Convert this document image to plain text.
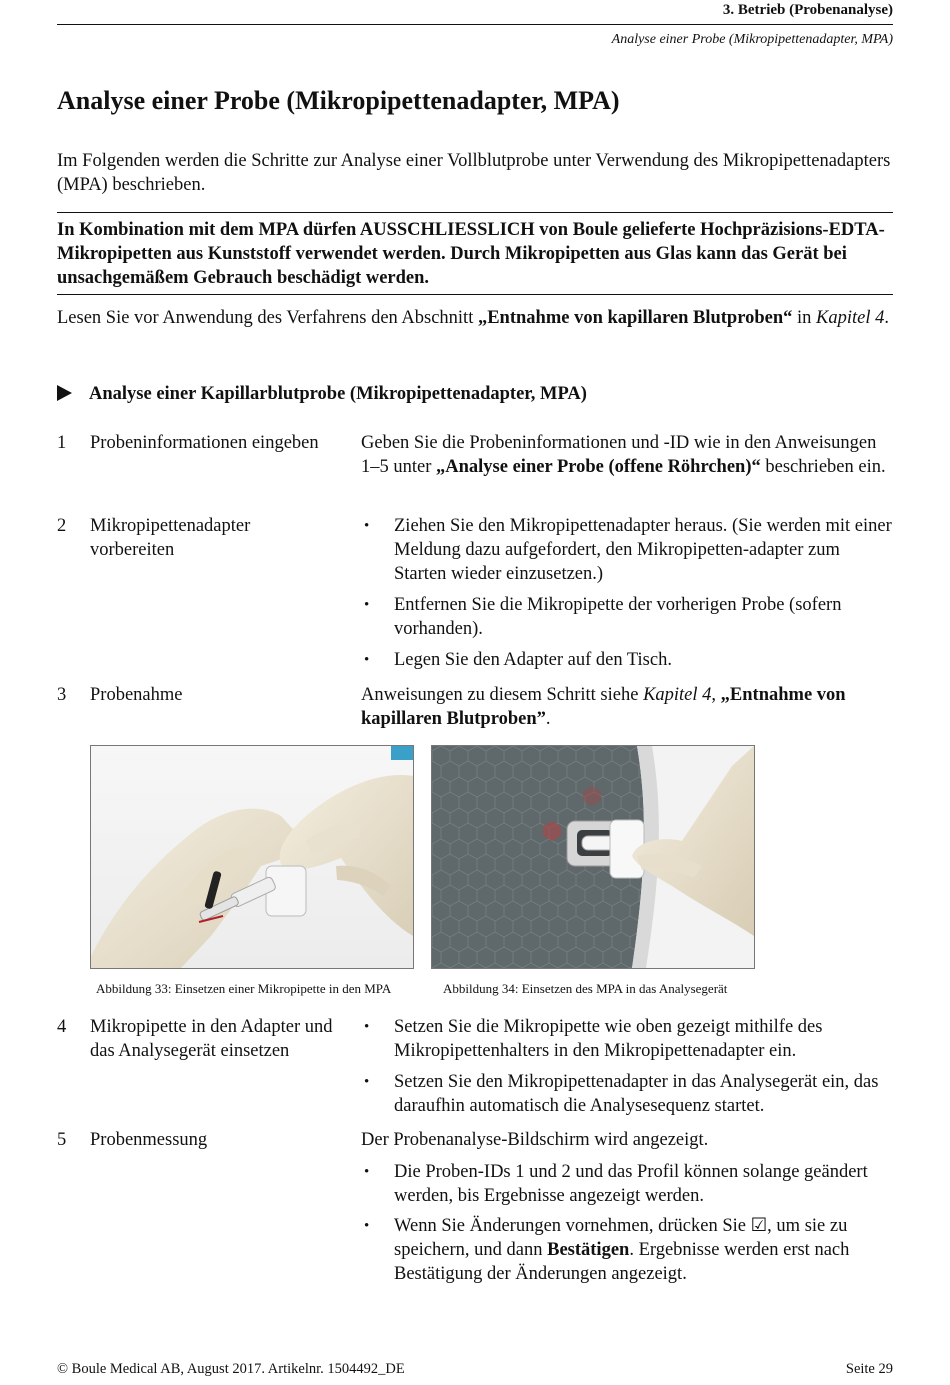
3. Betrieb (Probenanalyse)
Analyse einer Probe (Mikropipettenadapter, MPA)
Analyse einer Probe (Mikropipettenadapter, MPA)
Im Folgenden werden die Schritte zur Analyse einer Vollblutprobe unter Verwendung des Mikropipettenadapters (MPA) beschrieben.
In Kombination mit dem MPA dürfen AUSSCHLIESSLICH von Boule gelieferte Hochpräzisions-EDTA-Mikropipetten aus Kunststoff verwendet werden. Durch Mikropipetten aus Glas kann das Gerät bei unsachgemäßem Gebrauch beschädigt werden.
Lesen Sie vor Anwendung des Verfahrens den Abschnitt „Entnahme von kapillaren Blutproben“ in Kapitel 4.
Analyse einer Kapillarblutprobe (Mikropipettenadapter, MPA)
1 Probeninformationen eingeben	Geben Sie die Probeninformationen und -ID wie in den Anweisungen 1–5 unter „Analyse einer Probe (offene Röhrchen)“ beschrieben ein.
2 Mikropipettenadapter vorbereiten
• Ziehen Sie den Mikropipettenadapter heraus. (Sie werden mit einer Meldung dazu aufgefordert, den Mikropipetten-adapter zum Starten wieder einzusetzen.)
• Entfernen Sie die Mikropipette der vorherigen Probe (sofern vorhanden).
• Legen Sie den Adapter auf den Tisch.
3 Probenahme	Anweisungen zu diesem Schritt siehe Kapitel 4, „Entnahme von kapillaren Blutproben”.
Abbildung 33: Einsetzen einer Mikropipette in den MPA	Abbildung 34: Einsetzen des MPA in das Analysegerät
4 Mikropipette in den Adapter und das Analysegerät einsetzen
• Setzen Sie die Mikropipette wie oben gezeigt mithilfe des Mikropipettenhalters in den Mikropipettenadapter ein.
• Setzen Sie den Mikropipettenadapter in das Analysegerät ein, das daraufhin automatisch die Analysesequenz startet.
5 Probenmessung	Der Probenanalyse-Bildschirm wird angezeigt.
• Die Proben-IDs 1 und 2 und das Profil können solange geändert werden, bis Ergebnisse angezeigt werden.
• Wenn Sie Änderungen vornehmen, drücken Sie ☑, um sie zu speichern, und dann Bestätigen. Ergebnisse werden erst nach Bestätigung der Änderungen angezeigt.
© Boule Medical AB, August 2017. Artikelnr. 1504492_DE	Seite 29
